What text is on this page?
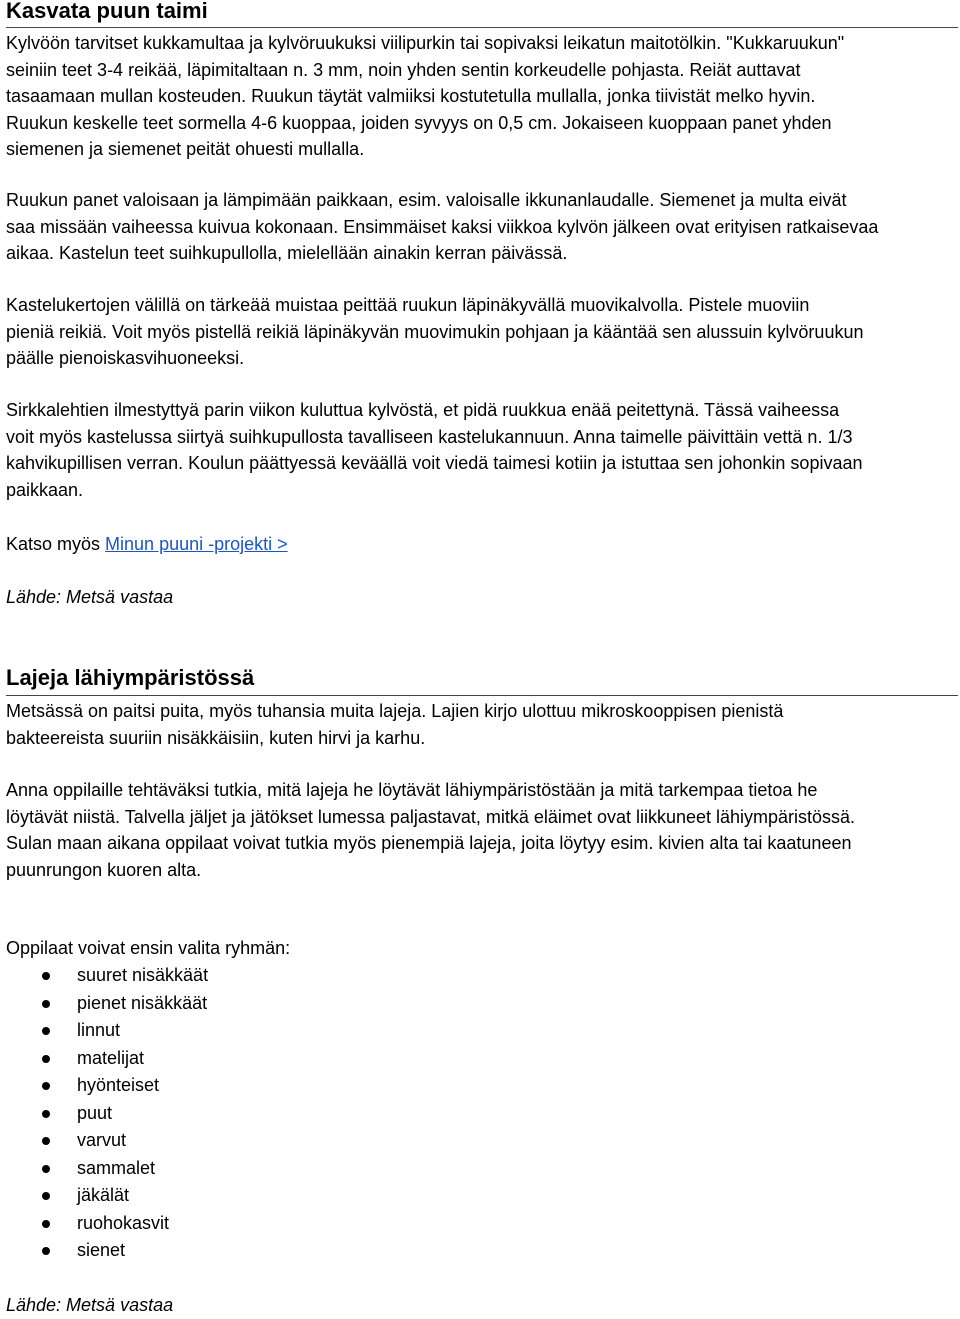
Kasvata puun taimi

Kylvöön tarvitset kukkamultaa ja kylvöruukuksi viilipurkin tai sopivaksi leikatun maitotölkin. "Kukkaruukun"
seiniin teet 3-4 reikää, läpimitaltaan n. 3 mm, noin yhden sentin korkeudelle pohjasta. Reiät auttavat
tasaamaan mullan kosteuden. Ruukun täytät valmiiksi kostutetulla mullalla, jonka tiivistät melko hyvin.
Ruukun keskelle teet sormella 4-6 kuoppaa, joiden syvyys on 0,5 cm. Jokaiseen kuoppaan panet yhden
siemenen ja siemenet peität ohuesti mullalla.

Ruukun panet valoisaan ja lämpimään paikkaan, esim. valoisalle ikkunanlaudalle. Siemenet ja multa eivät
saa missään vaiheessa kuivua kokonaan. Ensimmäiset kaksi viikkoa kylvön jälkeen ovat erityisen ratkaisevaa
aikaa. Kastelun teet suihkupullolla, mielellään ainakin kerran päivässä.

Kastelukertojen välillä on tärkeää muistaa peittää ruukun läpinäkyvällä muovikalvolla. Pistele muoviin
pieniä reikiä. Voit myös pistellä reikiä läpinäkyvän muovimukin pohjaan ja kääntää sen alussuin kylvöruukun
päälle pienoiskasvihuoneeksi.

Sirkkalehtien ilmestyttyä parin viikon kuluttua kylvöstä, et pidä ruukkua enää peitettynä. Tässä vaiheessa
voit myös kastelussa siirtyä suihkupullosta tavalliseen kastelukannuun. Anna taimelle päivittäin vettä n. 1/3
kahvikupillisen verran. Koulun päättyessä keväällä voit viedä taimesi kotiin ja istuttaa sen johonkin sopivaan
paikkaan.

Katso myös Minun puuni -projekti >

Lähde: Metsä vastaa

Lajeja lähiympäristössä

Metsässä on paitsi puita, myös tuhansia muita lajeja. Lajien kirjo ulottuu mikroskooppisen pienistä
bakteereista suuriin nisäkkäisiin, kuten hirvi ja karhu.

Anna oppilaille tehtäväksi tutkia, mitä lajeja he löytävät lähiympäristöstään ja mitä tarkempaa tietoa he
löytävät niistä. Talvella jäljet ja jätökset lumessa paljastavat, mitkä eläimet ovat liikkuneet lähiympäristössä.
Sulan maan aikana oppilaat voivat tutkia myös pienempiä lajeja, joita löytyy esim. kivien alta tai kaatuneen
puunrungon kuoren alta.

Oppilaat voivat ensin valita ryhmän:

suuret nisäkkäät
pienet nisäkkäät
linnut
matelijat
hyönteiset
puut
varvut
sammalet
jäkälät
ruohokasvit
sienet

Lähde: Metsä vastaa
